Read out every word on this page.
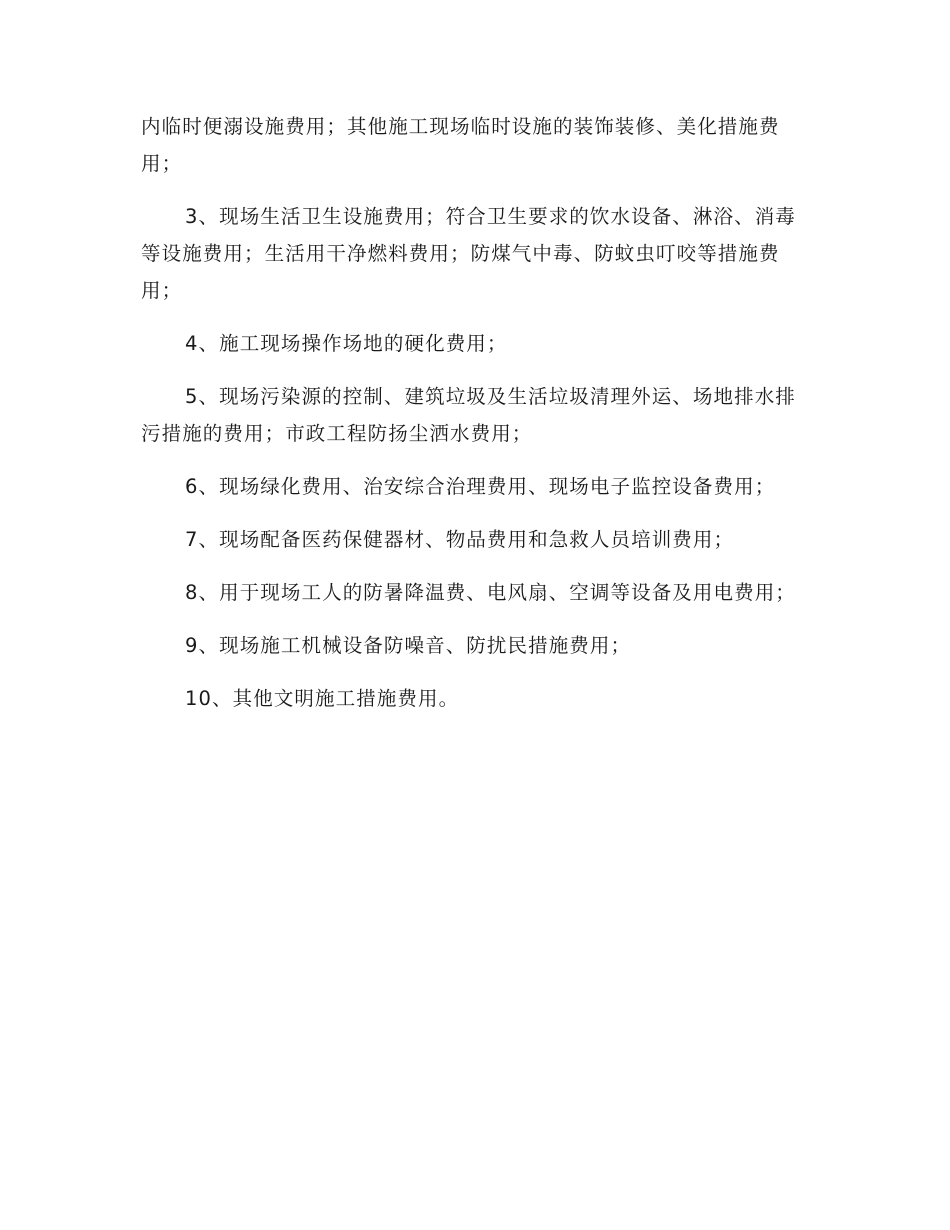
内临时便溺设施费用；其他施工现场临时设施的装饰装修、美化措施费用；

3、现场生活卫生设施费用；符合卫生要求的饮水设备、淋浴、消毒等设施费用；生活用干净燃料费用；防煤气中毒、防蚊虫叮咬等措施费用；

4、施工现场操作场地的硬化费用；

5、现场污染源的控制、建筑垃圾及生活垃圾清理外运、场地排水排污措施的费用；市政工程防扬尘洒水费用；

6、现场绿化费用、治安综合治理费用、现场电子监控设备费用；

7、现场配备医药保健器材、物品费用和急救人员培训费用；

8、用于现场工人的防暑降温费、电风扇、空调等设备及用电费用；

9、现场施工机械设备防噪音、防扰民措施费用；

10、其他文明施工措施费用。
